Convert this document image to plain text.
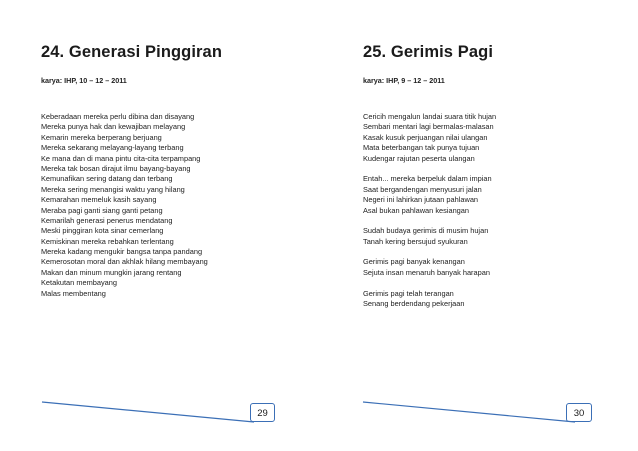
24. Generasi Pinggiran
karya: IHP, 10 – 12 – 2011
Keberadaan mereka perlu dibina dan disayang
Mereka punya hak dan kewajiban melayang
Kemarin mereka berperang berjuang
Mereka sekarang melayang-layang terbang
Ke mana dan di mana pintu cita-cita terpampang
Mereka tak bosan dirajut ilmu bayang-bayang
Kemunafikan sering datang dan terbang
Mereka sering menangisi waktu yang hilang
Kemarahan memeluk kasih sayang
Meraba pagi ganti siang ganti petang
Kemarilah generasi penerus mendatang
Meski pinggiran kota sinar cemerlang
Kemiskinan mereka rebahkan terlentang
Mereka kadang mengukir bangsa tanpa pandang
Kemerosotan moral dan akhlak hilang membayang
Makan dan minum mungkin jarang rentang
Ketakutan membayang
Malas membentang
29
25. Gerimis Pagi
karya: IHP, 9 – 12 – 2011
Cericih mengalun landai suara titik hujan
Sembari mentari lagi bermalas-malasan
Kasak kusuk perjuangan nilai ulangan
Mata beterbangan tak punya tujuan
Kudengar rajutan peserta ulangan
Entah... mereka berpeluk dalam impian
Saat bergandengan menyusuri jalan
Negeri ini lahirkan jutaan pahlawan
Asal bukan pahlawan kesiangan
Sudah budaya gerimis di musim hujan
Tanah kering bersujud syukuran
Gerimis pagi banyak kenangan
Sejuta insan menaruh banyak harapan
Gerimis pagi telah terangan
Senang berdendang pekerjaan
30
